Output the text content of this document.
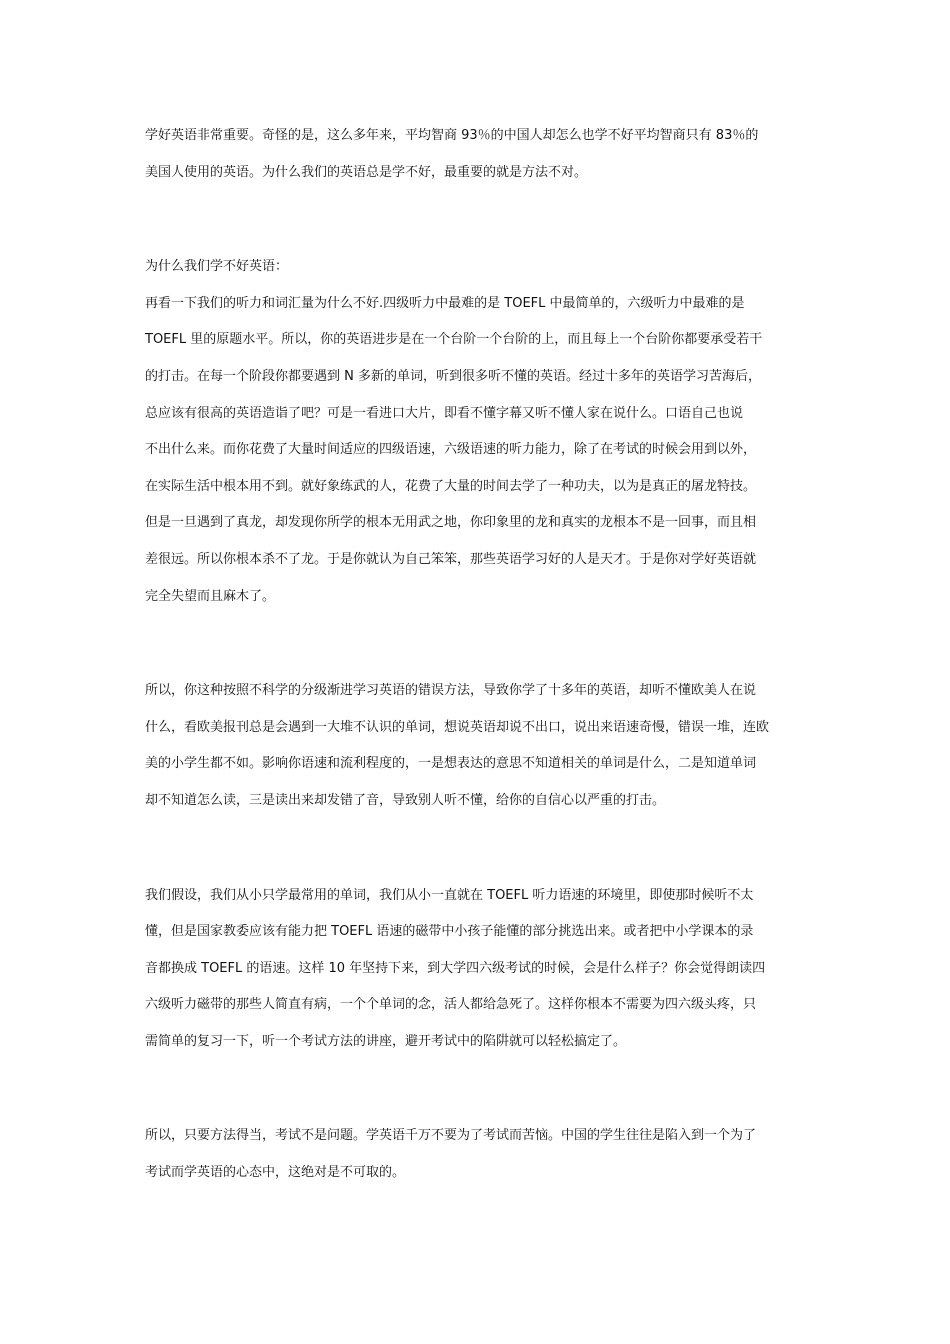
学好英语非常重要。奇怪的是，这么多年来，平均智商 93％的中国人却怎么也学不好平均智商只有 83％的
美国人使用的英语。为什么我们的英语总是学不好，最重要的就是方法不对。

为什么我们学不好英语：

再看一下我们的听力和词汇量为什么不好.四级听力中最难的是 TOEFL 中最简单的，六级听力中最难的是
TOEFL 里的原题水平。所以，你的英语进步是在一个台阶一个台阶的上，而且每上一个台阶你都要承受若干
的打击。在每一个阶段你都要遇到 N 多新的单词，听到很多听不懂的英语。经过十多年的英语学习苦海后，
总应该有很高的英语造诣了吧？可是一看进口大片，即看不懂字幕又听不懂人家在说什么。口语自己也说
不出什么来。而你花费了大量时间适应的四级语速，六级语速的听力能力，除了在考试的时候会用到以外，
在实际生活中根本用不到。就好象练武的人，花费了大量的时间去学了一种功夫，以为是真正的屠龙特技。
但是一旦遇到了真龙，却发现你所学的根本无用武之地，你印象里的龙和真实的龙根本不是一回事，而且相
差很远。所以你根本杀不了龙。于是你就认为自己笨笨，那些英语学习好的人是天才。于是你对学好英语就
完全失望而且麻木了。

所以，你这种按照不科学的分级渐进学习英语的错误方法，导致你学了十多年的英语，却听不懂欧美人在说
什么，看欧美报刊总是会遇到一大堆不认识的单词，想说英语却说不出口，说出来语速奇慢，错误一堆，连欧
美的小学生都不如。影响你语速和流利程度的，一是想表达的意思不知道相关的单词是什么，二是知道单词
却不知道怎么读，三是读出来却发错了音，导致别人听不懂，给你的自信心以严重的打击。

我们假设，我们从小只学最常用的单词，我们从小一直就在 TOEFL 听力语速的环境里，即使那时候听不太
懂，但是国家教委应该有能力把 TOEFL 语速的磁带中小孩子能懂的部分挑选出来。或者把中小学课本的录
音都换成 TOEFL 的语速。这样 10 年坚持下来，到大学四六级考试的时候，会是什么样子？你会觉得朗读四
六级听力磁带的那些人简直有病，一个个单词的念，活人都给急死了。这样你根本不需要为四六级头疼，只
需简单的复习一下，听一个考试方法的讲座，避开考试中的陷阱就可以轻松搞定了。

所以，只要方法得当，考试不是问题。学英语千万不要为了考试而苦恼。中国的学生往往是陷入到一个为了
考试而学英语的心态中，这绝对是不可取的。
